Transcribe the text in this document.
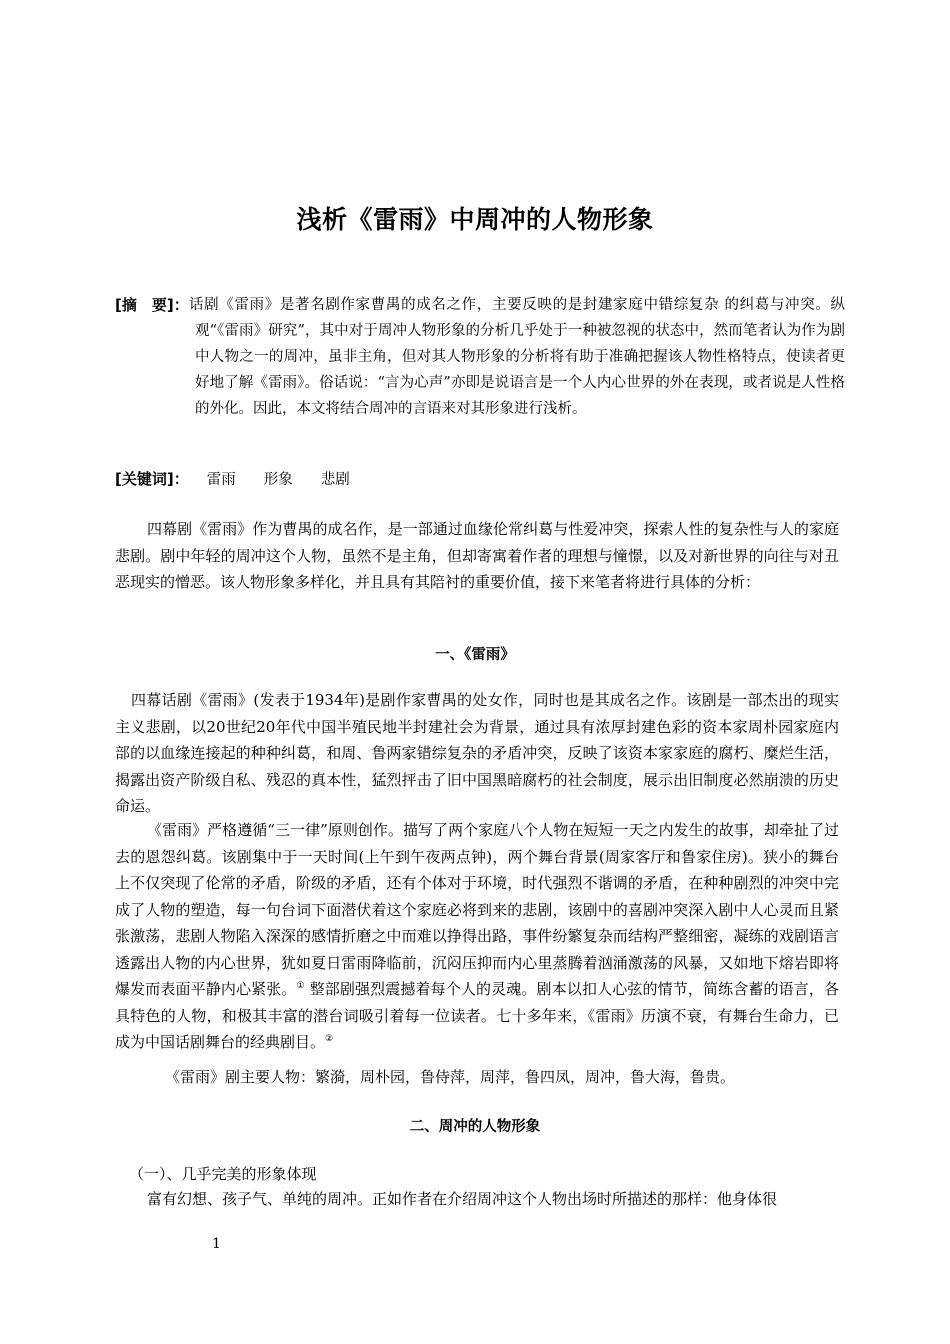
浅析《雷雨》中周冲的人物形象
[摘　要]： 话剧《雷雨》是著名剧作家曹禺的成名之作，主要反映的是封建家庭中错综复杂 的纠葛与冲突。纵观“《雷雨》研究”，其中对于周冲人物形象的分析几乎处于一种被忽视的状态中，然而笔者认为作为剧中人物之一的周冲，虽非主角，但对其人物形象的分析将有助于准确把握该人物性格特点，使读者更好地了解《雷雨》。俗话说：“言为心声”亦即是说语言是一个人内心世界的外在表现，或者说是人性格的外化。因此，本文将结合周冲的言语来对其形象进行浅析。
[关键词]： 雷雨 形象 悲剧
四幕剧《雷雨》作为曹禺的成名作，是一部通过血缘伦常纠葛与性爱冲突，探索人性的复杂性与人的家庭悲剧。剧中年轻的周冲这个人物，虽然不是主角，但却寄寓着作者的理想与憧憬，以及对新世界的向往与对丑恶现实的憎恶。该人物形象多样化，并且具有其陪衬的重要价值，接下来笔者将进行具体的分析：
一、《雷雨》
四幕话剧《雷雨》(发表于1934年)是剧作家曹禺的处女作，同时也是其成名之作。该剧是一部杰出的现实主义悲剧，以20世纪20年代中国半殖民地半封建社会为背景，通过具有浓厚封建色彩的资本家周朴园家庭内部的以血缘连接起的种种纠葛，和周、鲁两家错综复杂的矛盾冲突，反映了该资本家家庭的腐朽、糜烂生活，揭露出资产阶级自私、残忍的真本性，猛烈抨击了旧中国黑暗腐朽的社会制度，展示出旧制度必然崩溃的历史命运。
《雷雨》严格遵循“三一律”原则创作。描写了两个家庭八个人物在短短一天之内发生的故事，却牵扯了过去的恩怨纠葛。该剧集中于一天时间(上午到午夜两点钟)，两个舞台背景(周家客厅和鲁家住房)。狭小的舞台上不仅突现了伦常的矛盾，阶级的矛盾，还有个体对于环境，时代强烈不谐调的矛盾，在种种剧烈的冲突中完成了人物的塑造，每一句台词下面潜伏着这个家庭必将到来的悲剧，该剧中的喜剧冲突深入剧中人心灵而且紧张激荡，悲剧人物陷入深深的感情折磨之中而难以挣得出路，事件纷繁复杂而结构严整细密，凝练的戏剧语言透露出人物的内心世界，犹如夏日雷雨降临前，沉闷压抑而内心里蒸腾着汹涌激荡的风暴，又如地下熔岩即将爆发而表面平静内心紧张。① 整部剧强烈震撼着每个人的灵魂。剧本以扣人心弦的情节，简练含蓄的语言，各具特色的人物，和极其丰富的潜台词吸引着每一位读者。七十多年来，《雷雨》历演不衰，有舞台生命力，已成为中国话剧舞台的经典剧目。②
《雷雨》剧主要人物：繁漪，周朴园，鲁侍萍，周萍，鲁四凤，周冲，鲁大海，鲁贵。
二、周冲的人物形象
（一）、几乎完美的形象体现
富有幻想、孩子气、单纯的周冲。正如作者在介绍周冲这个人物出场时所描述的那样：他身体很
1
